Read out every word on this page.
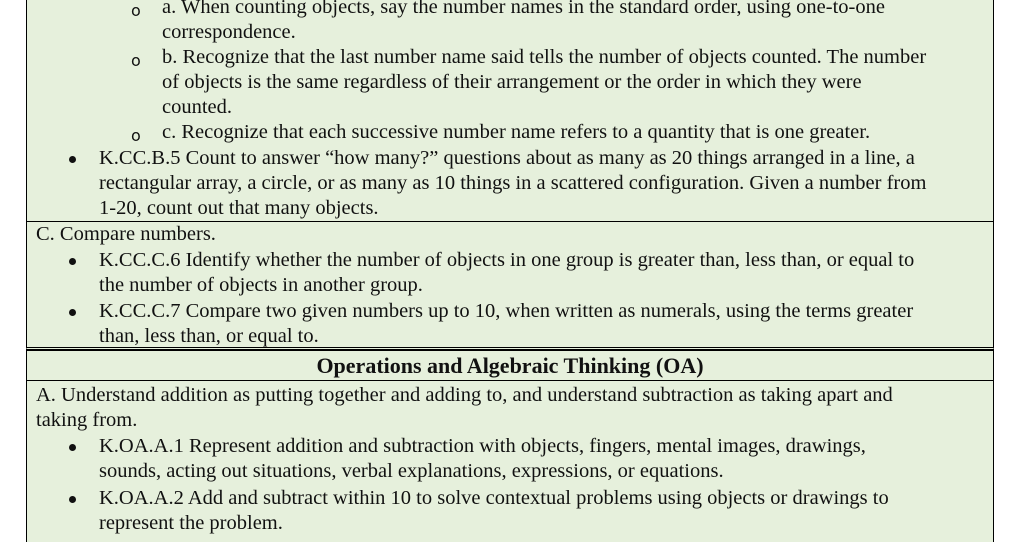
o a. When counting objects, say the number names in the standard order, using one-to-one
correspondence.
o b. Recognize that the last number name said tells the number of objects counted. The number
of objects is the same regardless of their arrangement or the order in which they were
counted.
o c. Recognize that each successive number name refers to a quantity that is one greater.
K.CC.B.5 Count to answer “how many?” questions about as many as 20 things arranged in a line, a
rectangular array, a circle, or as many as 10 things in a scattered configuration. Given a number from
1-20, count out that many objects.
C. Compare numbers.
K.CC.C.6 Identify whether the number of objects in one group is greater than, less than, or equal to
the number of objects in another group.
K.CC.C.7 Compare two given numbers up to 10, when written as numerals, using the terms greater
than, less than, or equal to.
Operations and Algebraic Thinking (OA)
A. Understand addition as putting together and adding to, and understand subtraction as taking apart and
taking from.
K.OA.A.1 Represent addition and subtraction with objects, fingers, mental images, drawings,
sounds, acting out situations, verbal explanations, expressions, or equations.
K.OA.A.2 Add and subtract within 10 to solve contextual problems using objects or drawings to
represent the problem.
